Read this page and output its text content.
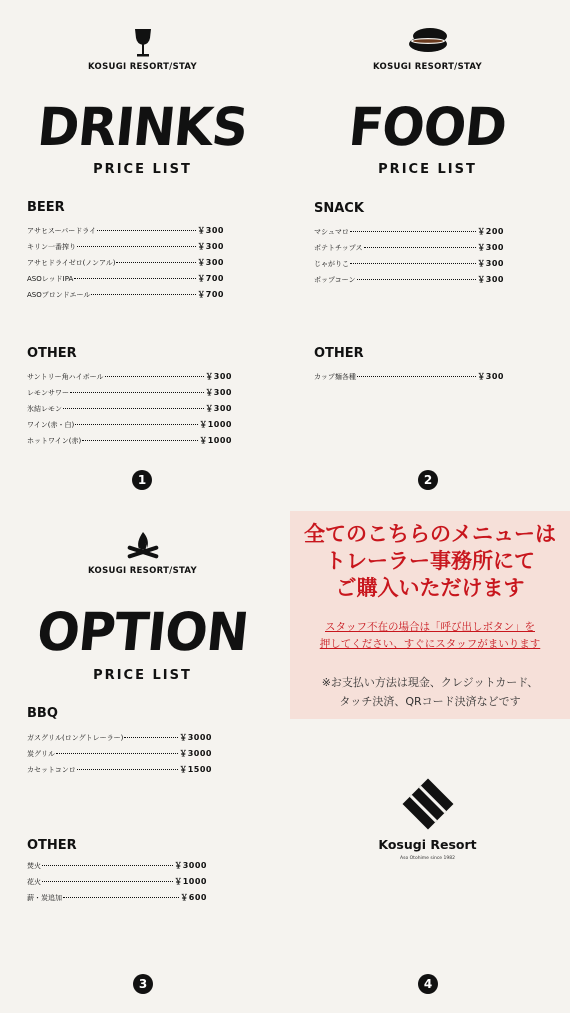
KOSUGI RESORT/STAY
DRINKS
PRICE LIST
BEER
アサヒスーパードライ	￥300
キリン一番搾り	￥300
アサヒドライゼロ(ノンアル)	￥300
ASOレッドIPA	￥700
ASOブロンドエール	￥700
OTHER
サントリー角ハイボール	￥300
レモンサワー	￥300
氷結レモン	￥300
ワイン(赤・白)	￥1000
ホットワイン(赤)	￥1000
1
KOSUGI RESORT/STAY
FOOD
PRICE LIST
SNACK
マシュマロ	￥200
ポテトチップス	￥300
じゃがりこ	￥300
ポップコーン	￥300
OTHER
カップ麺各種	￥300
2
KOSUGI RESORT/STAY
OPTION
PRICE LIST
BBQ
ガスグリル(ロングトレーラー)	￥3000
炭グリル	￥3000
カセットコンロ	￥1500
OTHER
焚火	￥3000
花火	￥1000
薪・炭追加	￥600
3
全てのこちらのメニューは
トレーラー事務所にて
ご購入いただけます
スタッフ不在の場合は「呼び出しボタン」を
押してください、すぐにスタッフがまいります
※お支払い方法は現金、クレジットカード、
タッチ決済、QRコード決済などです
Kosugi Resort
Aso Otohime since 1982
4
